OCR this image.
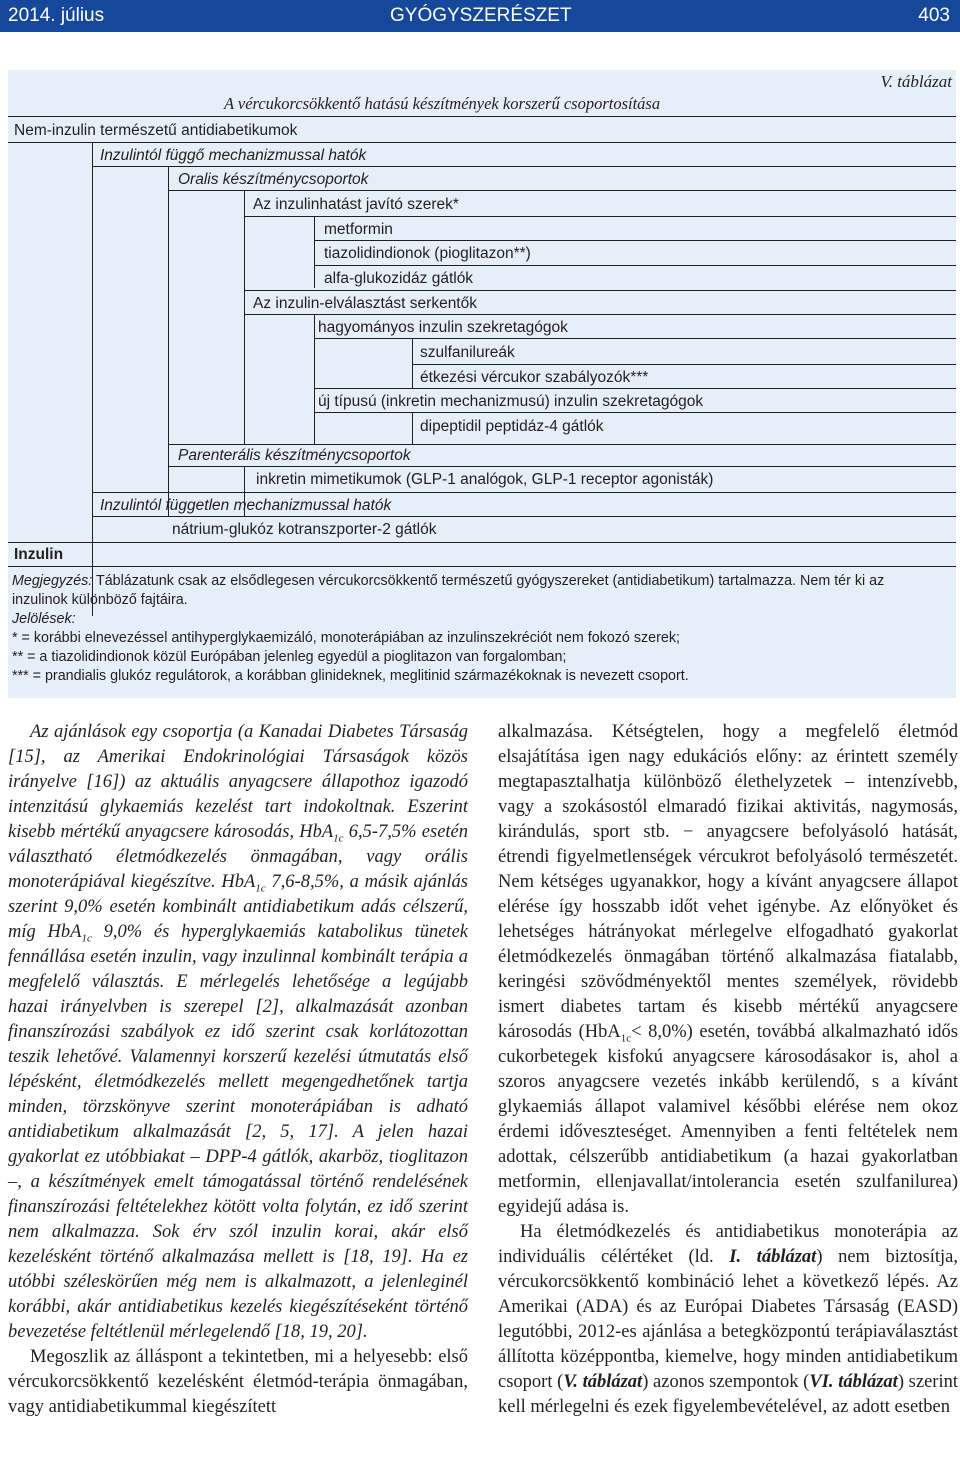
2014. július	GYÓGYSZERÉSZET	403
V. táblázat
A vércukorcsökkentő hatású készítmények korszerű csoportosítása
Nem-inzulin természetű antidiabetikumok
Inzulintól függő mechanizmussal hatók
Oralis készítménycsoportok
Az inzulinhatást javító szerek*
metformin
tiazolidindionok (pioglitazon**)
alfa-glukozidáz gátlók
Az inzulin-elválasztást serkentők
hagyományos inzulin szekretagógok
szulfanilureák
étkezési vércukor szabályozók***
új típusú (inkretin mechanizmusú) inzulin szekretagógok
dipeptidil peptidáz-4 gátlók
Parenterális készítménycsoportok
inkretin mimetikumok (GLP-1 analógok, GLP-1 receptor agonisták)
Inzulintól független mechanizmussal hatók
nátrium-glukóz kotranszporter-2 gátlók
Inzulin
Megjegyzés: Táblázatunk csak az elsődlegesen vércukorcsökkentő természetű gyógyszereket (antidiabetikum) tartalmazza. Nem tér ki az
inzulinok különböző fajtáira.
Jelölések:
* = korábbi elnevezéssel antihyperglykaemizáló, monoterápiában az inzulinszekréciót nem fokozó szerek;
** = a tiazolidindionok közül Európában jelenleg egyedül a pioglitazon van forgalomban;
*** = prandialis glukóz regulátorok, a korábban glinideknek, meglitinid származékoknak is nevezett csoport.

Az ajánlások egy csoportja (a Kanadai Diabetes Társaság [15], az Amerikai Endokrinológiai Társaságok közös irányelve [16]) az aktuális anyagcsere állapothoz igazodó intenzitású glykaemiás kezelést tart indokoltnak. Eszerint kisebb mértékű anyagcsere károsodás, HbA$_{1c}$ 6,5-7,5% esetén választható életmódkezelés önmagában, vagy orális monoterápiával kiegészítve. HbA$_{1c}$ 7,6-8,5%, a másik ajánlás szerint 9,0% esetén kombinált antidiabetikum adás célszerű, míg HbA$_{1c}$ 9,0% és hyperglykaemiás katabolikus tünetek fennállása esetén inzulin, vagy inzulinnal kombinált terápia a megfelelő választás. E mérlegelés lehetősége a legújabb hazai irányelvben is szerepel [2], alkalmazását azonban finanszírozási szabályok ez idő szerint csak korlátozottan teszik lehetővé. Valamennyi korszerű kezelési útmutatás első lépésként, életmódkezelés mellett megengedhetőnek tartja minden, törzskönyve szerint monoterápiában is adható antidiabetikum alkalmazását [2, 5, 17]. A jelen hazai gyakorlat ez utóbbiakat – DPP-4 gátlók, akarböz, tioglitazon –, a készítmények emelt támogatással történő rendelésének finanszírozási feltételekhez kötött volta folytán, ez idő szerint nem alkalmazza. Sok érv szól inzulin korai, akár első kezelésként történő alkalmazása mellett is [18, 19]. Ha ez utóbbi széleskörűen még nem is alkalmazott, a jelenleginél korábbi, akár antidiabetikus kezelés kiegészítéseként történő bevezetése feltétlenül mérlegelendő [18, 19, 20].

Megoszlik az álláspont a tekintetben, mi a helyesebb: első vércukorcsökkentő kezelésként életmód-terápia önmagában, vagy antidiabetikummal kiegészített

alkalmazása. Kétségtelen, hogy a megfelelő életmód elsajátítása igen nagy edukációs előny: az érintett személy megtapasztalhatja különböző élethelyzetek – intenzívebb, vagy a szokásostól elmaradó fizikai aktivitás, nagymosás, kirándulás, sport stb. − anyagcsere befolyásoló hatását, étrendi figyelmetlenségek vércukrot befolyásoló természetét. Nem kétséges ugyanakkor, hogy a kívánt anyagcsere állapot elérése így hosszabb időt vehet igénybe. Az előnyöket és lehetséges hátrányokat mérlegelve elfogadható gyakorlat életmódkezelés önmagában történő alkalmazása fiatalabb, keringési szövődményektől mentes személyek, rövidebb ismert diabetes tartam és kisebb mértékű anyagcsere károsodás (HbA$_{1c}$< 8,0%) esetén, továbbá alkalmazható idős cukorbetegek kisfokú anyagcsere károsodásakor is, ahol a szoros anyagcsere vezetés inkább kerülendő, s a kívánt glykaemiás állapot valamivel későbbi elérése nem okoz érdemi időveszteséget. Amennyiben a fenti feltételek nem adottak, célszerűbb antidiabetikum (a hazai gyakorlatban metformin, ellenjavallat/intolerancia esetén szulfanilurea) egyidejű adása is.

Ha életmódkezelés és antidiabetikus monoterápia az individuális célértéket (ld. I. táblázat) nem biztosítja, vércukorcsökkentő kombináció lehet a következő lépés. Az Amerikai (ADA) és az Európai Diabetes Társaság (EASD) legutóbbi, 2012-es ajánlása a betegközpontú terápiaválasztást állította középpontba, kiemelve, hogy minden antidiabetikum csoport (V. táblázat) azonos szempontok (VI. táblázat) szerint kell mérlegelni és ezek figyelembevételével, az adott esetben
